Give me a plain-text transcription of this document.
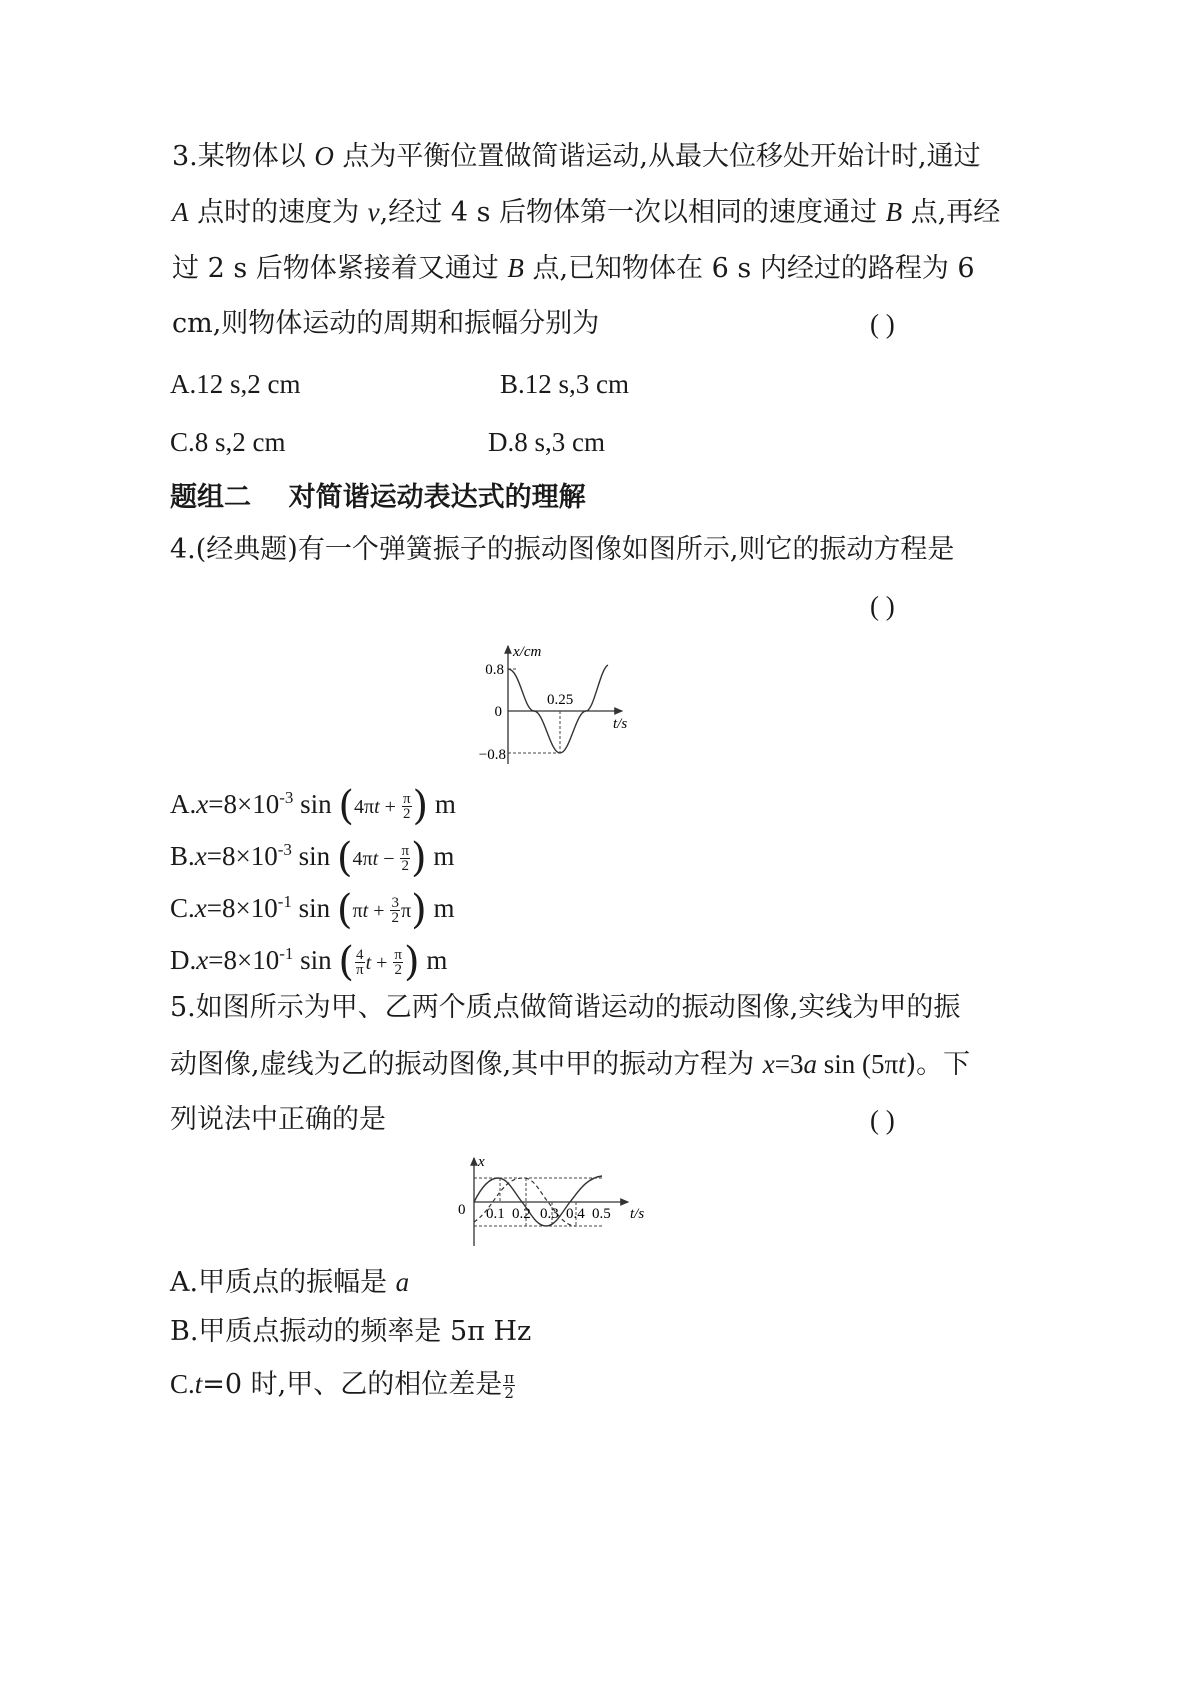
3.某物体以 O 点为平衡位置做简谐运动,从最大位移处开始计时,通过
A 点时的速度为 v,经过 4 s 后物体第一次以相同的速度通过 B 点,再经
过 2 s 后物体紧接着又通过 B 点,已知物体在 6 s 内经过的路程为 6
cm,则物体运动的周期和振幅分别为	( )
A.12 s,2 cm	B.12 s,3 cm
C.8 s,2 cm	D.8 s,3 cm
题组二    对简谐运动表达式的理解
4.(经典题)有一个弹簧振子的振动图像如图所示,则它的振动方程是
( )
x/cm
t/s
0.8
0
−0.8
0.25
$A.x=8\times 10^{-3}$ $\sin (4\pi t + \frac{\pi}{2}$ ) m
$B.x=8\times 10^{-3}$ $\sin (4\pi t - \frac{\pi}{2}$ ) m
$C.x=8\times 10^{-1}$ $\sin (\pi t + \frac{3}{2} \pi)$ m
$D.x=8\times 10^{-1}$ sin ( $\frac{4}{\pi}$ $t + \frac{\pi}{2}$ ) m
5.如图所示为甲、乙两个质点做简谐运动的振动图像,实线为甲的振
动图像,虚线为乙的振动图像,其中甲的振动方程为 x=3a sin (5πt)。下
列说法中正确的是	( )
x
0 0.1 0.2 0.3 0.4 0.5 t/s
A.甲质点的振幅是 a
B.甲质点振动的频率是 5π Hz
C.t=0 时,甲、乙的相位差是 $\frac{\pi}{2}$
